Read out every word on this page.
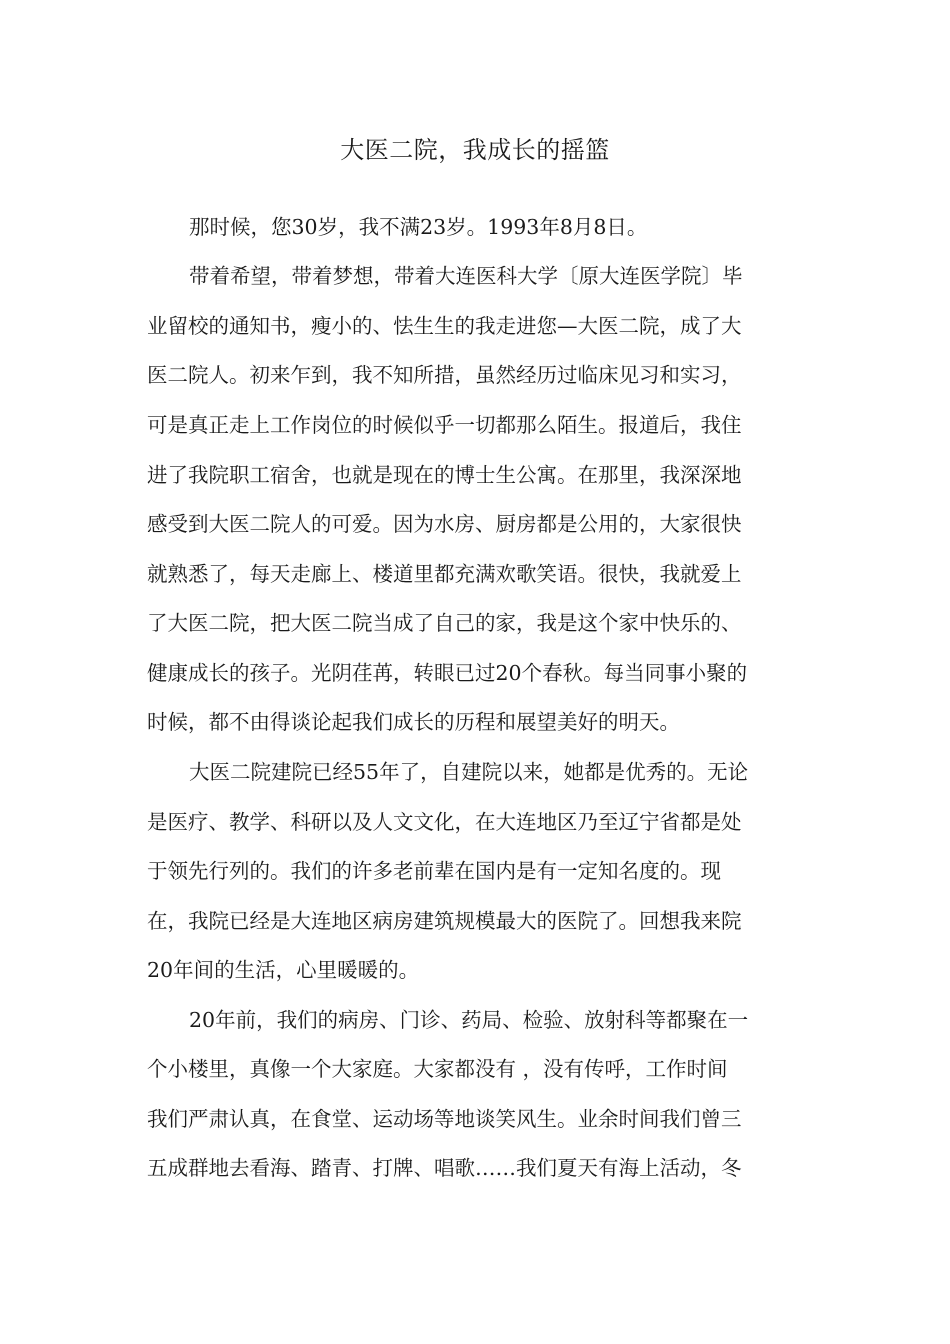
大医二院，我成长的摇篮
那时候，您30岁，我不满23岁。1993年8月8日。
带着希望，带着梦想，带着大连医科大学〔原大连医学院〕毕
业留校的通知书，瘦小的、怯生生的我走进您—大医二院，成了大
医二院人。初来乍到，我不知所措，虽然经历过临床见习和实习，
可是真正走上工作岗位的时候似乎一切都那么陌生。报道后，我住
进了我院职工宿舍，也就是现在的博士生公寓。在那里，我深深地
感受到大医二院人的可爱。因为水房、厨房都是公用的，大家很快
就熟悉了，每天走廊上、楼道里都充满欢歌笑语。很快，我就爱上
了大医二院，把大医二院当成了自己的家，我是这个家中快乐的、
健康成长的孩子。光阴荏苒，转眼已过20个春秋。每当同事小聚的
时候，都不由得谈论起我们成长的历程和展望美好的明天。
大医二院建院已经55年了，自建院以来，她都是优秀的。无论
是医疗、教学、科研以及人文文化，在大连地区乃至辽宁省都是处
于领先行列的。我们的许多老前辈在国内是有一定知名度的。现
在，我院已经是大连地区病房建筑规模最大的医院了。回想我来院
20年间的生活，心里暖暖的。
20年前，我们的病房、门诊、药局、检验、放射科等都聚在一
个小楼里，真像一个大家庭。大家都没有 ，没有传呼，工作时间
我们严肃认真，在食堂、运动场等地谈笑风生。业余时间我们曾三
五成群地去看海、踏青、打牌、唱歌……我们夏天有海上活动，冬
